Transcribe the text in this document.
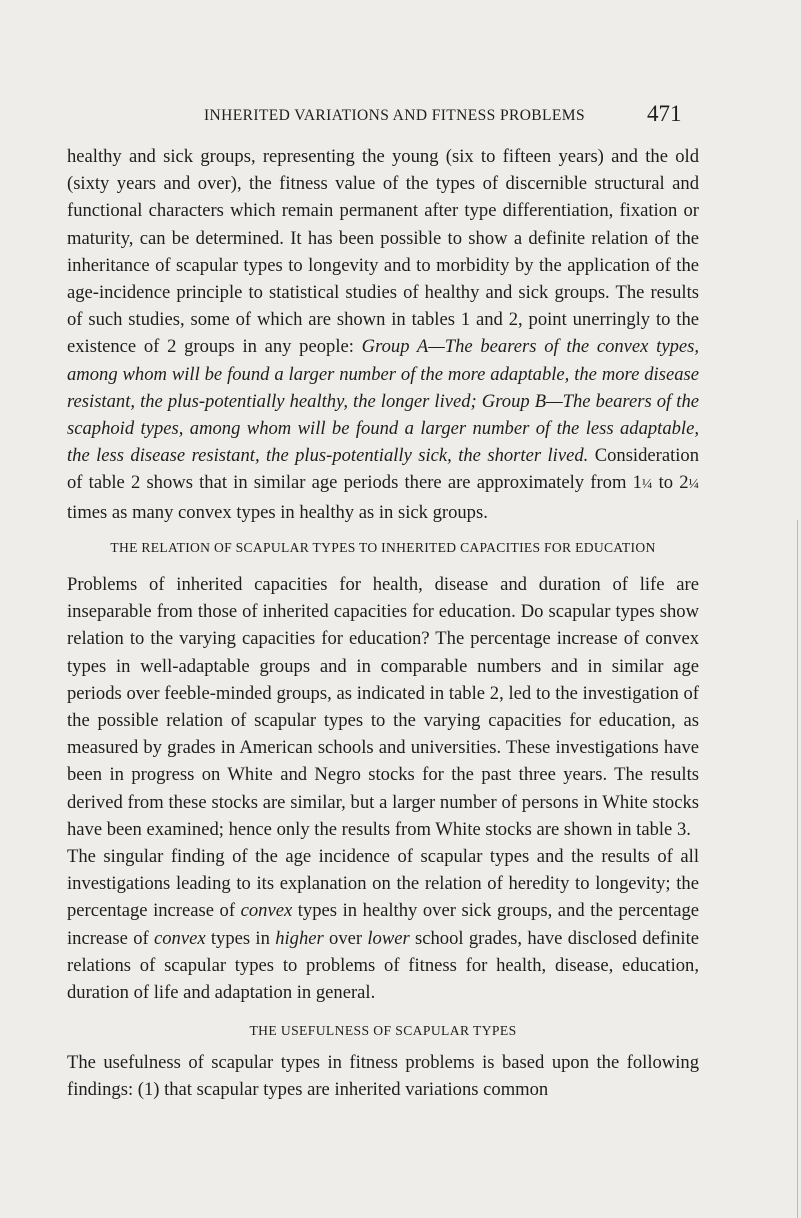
INHERITED VARIATIONS AND FITNESS PROBLEMS	471

healthy and sick groups, representing the young (six to fifteen years) and the old (sixty years and over), the fitness value of the types of discernible structural and functional characters which remain permanent after type differentiation, fixation or maturity, can be determined. It has been possible to show a definite relation of the inheritance of scapular types to longevity and to morbidity by the application of the age-incidence principle to statistical studies of healthy and sick groups. The results of such studies, some of which are shown in tables 1 and 2, point unerringly to the existence of 2 groups in any people: Group A—The bearers of the convex types, among whom will be found a larger number of the more adaptable, the more disease resistant, the plus-potentially healthy, the longer lived; Group B—The bearers of the scaphoid types, among whom will be found a larger number of the less adaptable, the less disease resistant, the plus-potentially sick, the shorter lived. Consideration of table 2 shows that in similar age periods there are approximately from 1¼ to 2¼ times as many convex types in healthy as in sick groups.

THE RELATION OF SCAPULAR TYPES TO INHERITED CAPACITIES FOR EDUCATION

Problems of inherited capacities for health, disease and duration of life are inseparable from those of inherited capacities for education. Do scapular types show relation to the varying capacities for education? The percentage increase of convex types in well-adaptable groups and in comparable numbers and in similar age periods over feeble-minded groups, as indicated in table 2, led to the investigation of the possible relation of scapular types to the varying capacities for education, as measured by grades in American schools and universities. These investigations have been in progress on White and Negro stocks for the past three years. The results derived from these stocks are similar, but a larger number of persons in White stocks have been examined; hence only the results from White stocks are shown in table 3.

The singular finding of the age incidence of scapular types and the results of all investigations leading to its explanation on the relation of heredity to longevity; the percentage increase of convex types in healthy over sick groups, and the percentage increase of convex types in higher over lower school grades, have disclosed definite relations of scapular types to problems of fitness for health, disease, education, duration of life and adaptation in general.

THE USEFULNESS OF SCAPULAR TYPES

The usefulness of scapular types in fitness problems is based upon the following findings: (1) that scapular types are inherited variations common
